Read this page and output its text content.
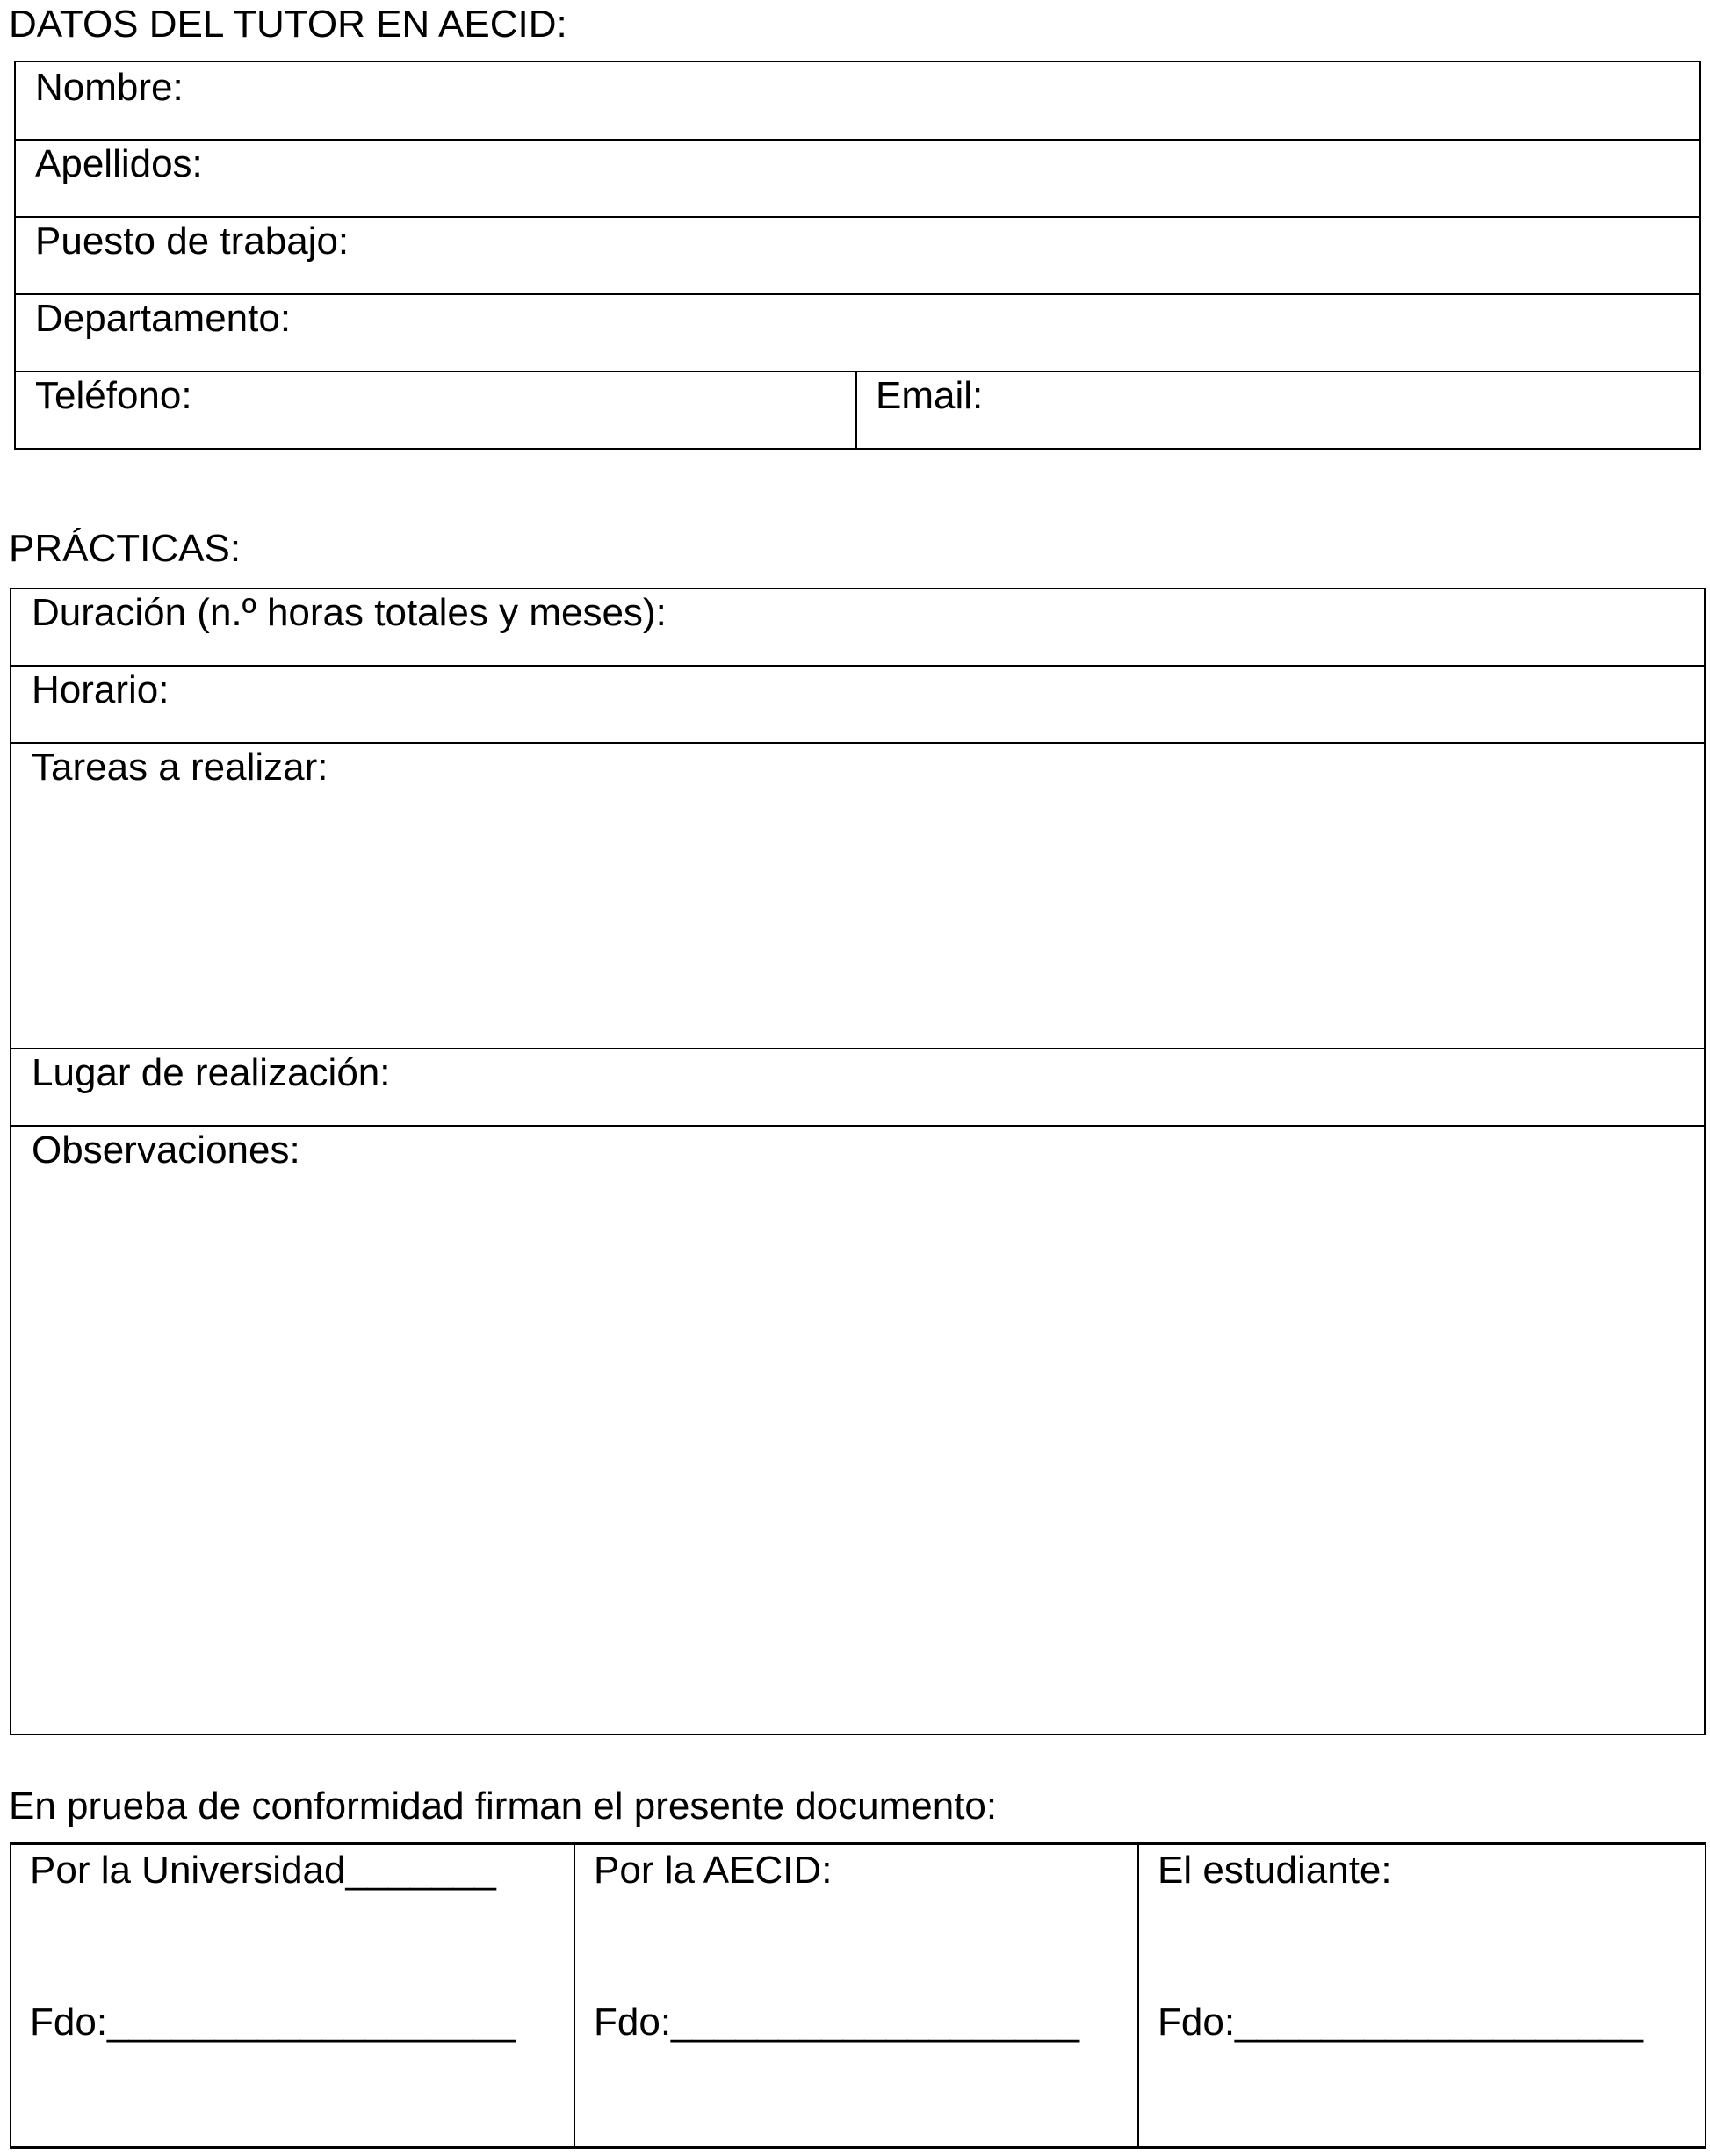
DATOS DEL TUTOR EN AECID:
Nombre:
Apellidos:
Puesto de trabajo:
Departamento:
Teléfono:	Email:
PRÁCTICAS:
Duración (n.º horas totales y meses):
Horario:
Tareas a realizar:
Lugar de realización:
Observaciones:
En prueba de conformidad firman el presente documento:
Por la Universidad_______
Fdo:___________________
Por la AECID:
Fdo:___________________
El estudiante:
Fdo:___________________
